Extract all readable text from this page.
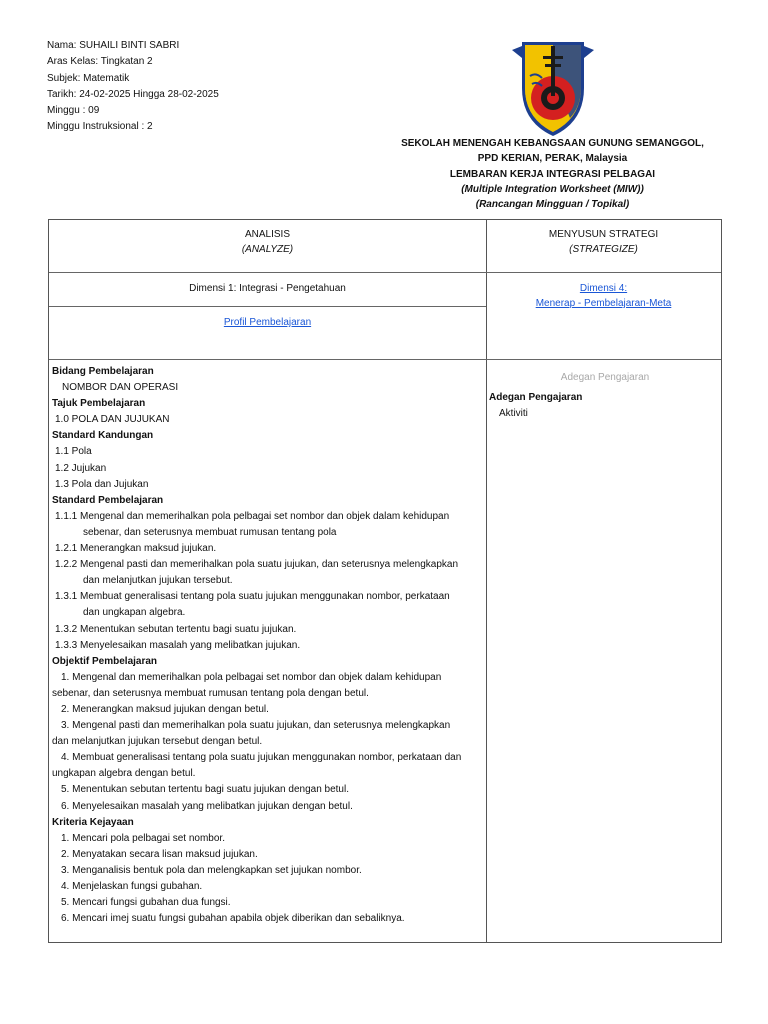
Nama: SUHAILI BINTI SABRI
Aras Kelas: Tingkatan 2
Subjek: Matematik
Tarikh: 24-02-2025 Hingga 28-02-2025
Minggu : 09
Minggu Instruksional : 2
SEKOLAH MENENGAH KEBANGSAAN GUNUNG SEMANGGOL,
PPD KERIAN, PERAK, Malaysia
LEMBARAN KERJA INTEGRASI PELBAGAI
(Multiple Integration Worksheet (MIW))
(Rancangan Mingguan / Topikal)
ANALISIS
(ANALYZE)
MENYUSUN STRATEGI
(STRATEGIZE)
Dimensi 1: Integrasi - Pengetahuan
Profil Pembelajaran
Dimensi 4:
Menerap - Pembelajaran-Meta
Bidang Pembelajaran
NOMBOR DAN OPERASI
Tajuk Pembelajaran
1.0 POLA DAN JUJUKAN
Standard Kandungan
1.1 Pola
1.2 Jujukan
1.3 Pola dan Jujukan
Standard Pembelajaran
1.1.1 Mengenal dan memerihalkan pola pelbagai set nombor dan objek dalam kehidupan
sebenar, dan seterusnya membuat rumusan tentang pola
1.2.1 Menerangkan maksud jujukan.
1.2.2 Mengenal pasti dan memerihalkan pola suatu jujukan, dan seterusnya melengkapkan
dan melanjutkan jujukan tersebut.
1.3.1 Membuat generalisasi tentang pola suatu jujukan menggunakan nombor, perkataan
dan ungkapan algebra.
1.3.2 Menentukan sebutan tertentu bagi suatu jujukan.
1.3.3 Menyelesaikan masalah yang melibatkan jujukan.
Objektif Pembelajaran
1. Mengenal dan memerihalkan pola pelbagai set nombor dan objek dalam kehidupan
sebenar, dan seterusnya membuat rumusan tentang pola dengan betul.
2. Menerangkan maksud jujukan dengan betul.
3. Mengenal pasti dan memerihalkan pola suatu jujukan, dan seterusnya melengkapkan
dan melanjutkan jujukan tersebut dengan betul.
4. Membuat generalisasi tentang pola suatu jujukan menggunakan nombor, perkataan dan
ungkapan algebra dengan betul.
5. Menentukan sebutan tertentu bagi suatu jujukan dengan betul.
6. Menyelesaikan masalah yang melibatkan jujukan dengan betul.
Kriteria Kejayaan
1. Mencari pola pelbagai set nombor.
2. Menyatakan secara lisan maksud jujukan.
3. Menganalisis bentuk pola dan melengkapkan set jujukan nombor.
4. Menjelaskan fungsi gubahan.
5. Mencari fungsi gubahan dua fungsi.
6. Mencari imej suatu fungsi gubahan apabila objek diberikan dan sebaliknya.
Adegan Pengajaran
Adegan Pengajaran
Aktiviti
